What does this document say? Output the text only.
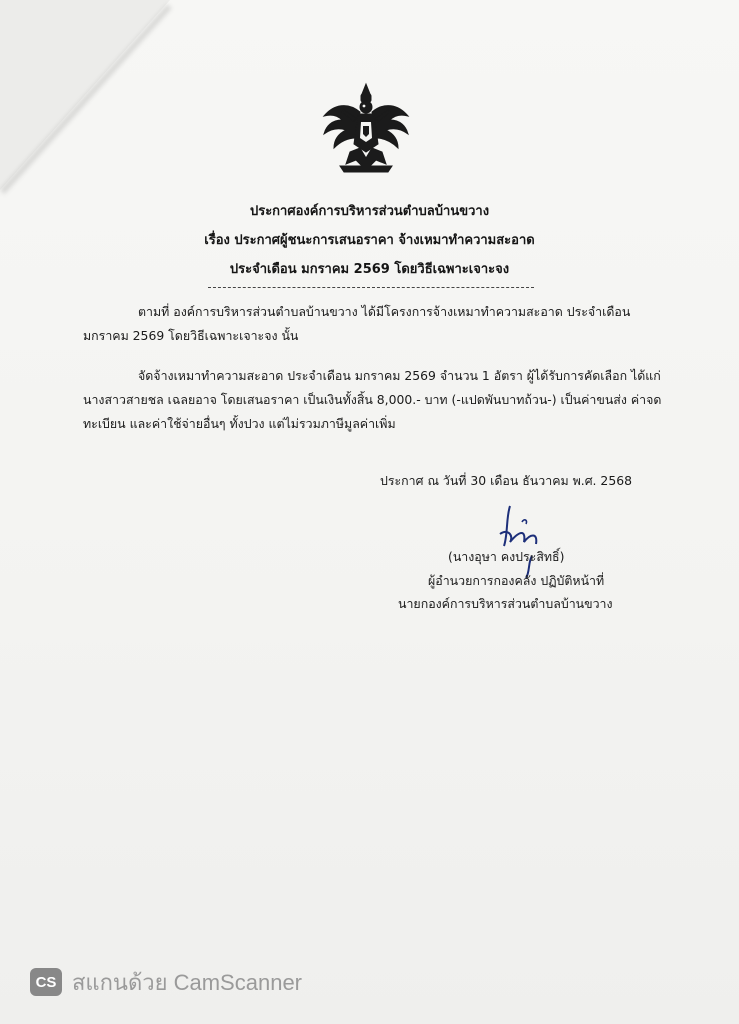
ประกาศองค์การบริหารส่วนตำบลบ้านขวาง
เรื่อง ประกาศผู้ชนะการเสนอราคา จ้างเหมาทำความสะอาด
ประจำเดือน มกราคม 2569 โดยวิธีเฉพาะเจาะจง
ตามที่ องค์การบริหารส่วนตำบลบ้านขวาง ได้มีโครงการจ้างเหมาทำความสะอาด ประจำเดือน
มกราคม 2569 โดยวิธีเฉพาะเจาะจง นั้น
จัดจ้างเหมาทำความสะอาด ประจำเดือน มกราคม 2569 จำนวน 1 อัตรา ผู้ได้รับการคัดเลือก ได้แก่
นางสาวสายชล เฉลยอาจ โดยเสนอราคา เป็นเงินทั้งสิ้น 8,000.- บาท (-แปดพันบาทถ้วน-) เป็นค่าขนส่ง ค่าจด
ทะเบียน และค่าใช้จ่ายอื่นๆ ทั้งปวง แต่ไม่รวมภาษีมูลค่าเพิ่ม
ประกาศ ณ วันที่ 30 เดือน ธันวาคม พ.ศ. 2568
(นางอุษา คงประสิทธิ์)
ผู้อำนวยการกองคลัง ปฏิบัติหน้าที่
นายกองค์การบริหารส่วนตำบลบ้านขวาง
CS สแกนด้วย CamScanner
